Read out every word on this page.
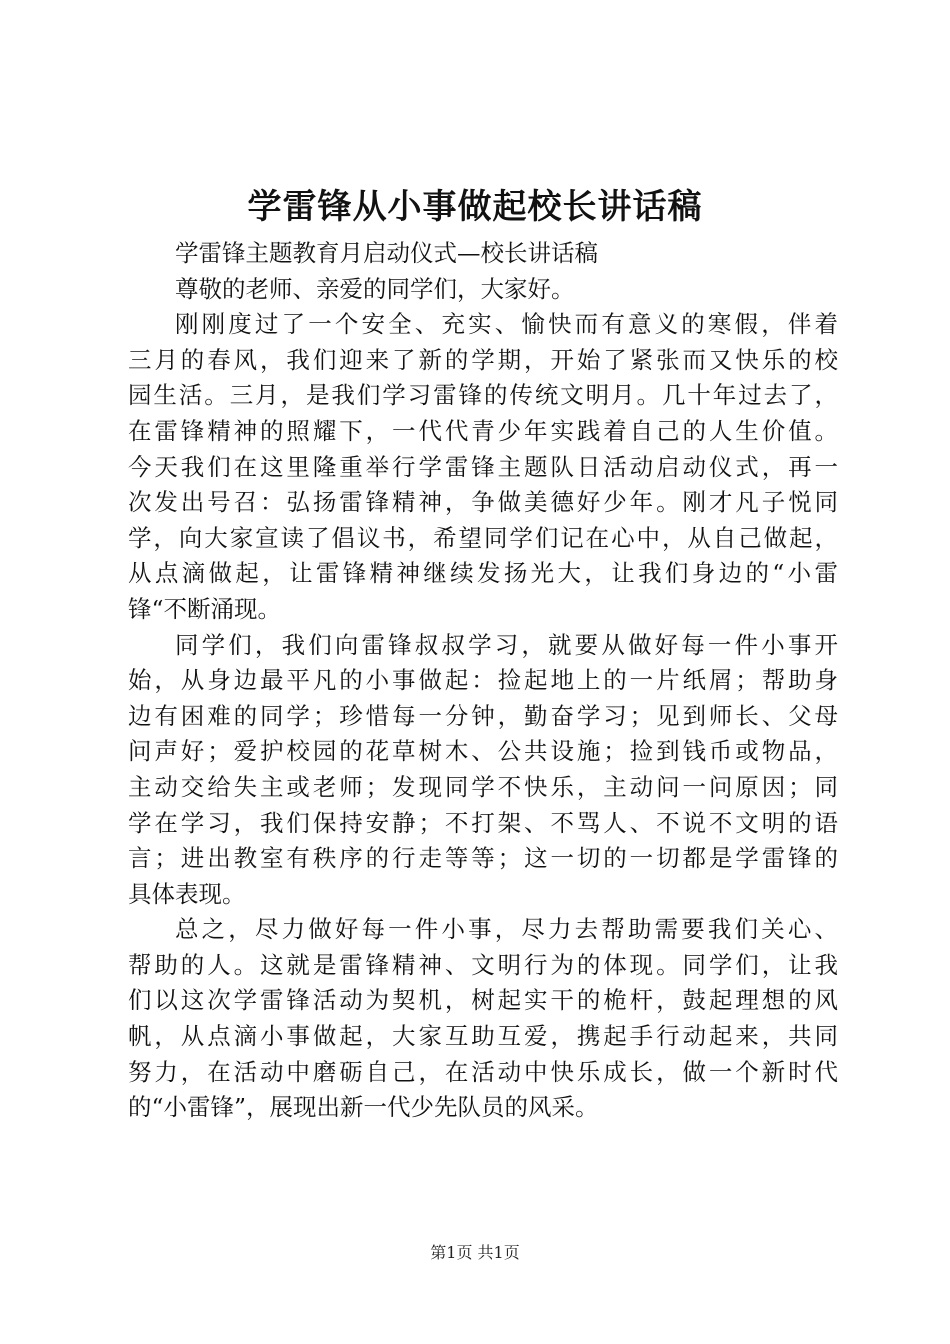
学雷锋从小事做起校长讲话稿
学雷锋主题教育月启动仪式—校长讲话稿
尊敬的老师、亲爱的同学们，大家好。
刚刚度过了一个安全、充实、愉快而有意义的寒假，伴着
三月的春风，我们迎来了新的学期，开始了紧张而又快乐的校
园生活。三月，是我们学习雷锋的传统文明月。几十年过去了，
在雷锋精神的照耀下，一代代青少年实践着自己的人生价值。
今天我们在这里隆重举行学雷锋主题队日活动启动仪式，再一
次发出号召：弘扬雷锋精神，争做美德好少年。刚才凡子悦同
学，向大家宣读了倡议书，希望同学们记在心中，从自己做起，
从点滴做起，让雷锋精神继续发扬光大，让我们身边的“小雷
锋“不断涌现。
同学们，我们向雷锋叔叔学习，就要从做好每一件小事开
始，从身边最平凡的小事做起：捡起地上的一片纸屑；帮助身
边有困难的同学；珍惜每一分钟，勤奋学习；见到师长、父母
问声好；爱护校园的花草树木、公共设施；捡到钱币或物品，
主动交给失主或老师；发现同学不快乐，主动问一问原因；同
学在学习，我们保持安静；不打架、不骂人、不说不文明的语
言；进出教室有秩序的行走等等；这一切的一切都是学雷锋的
具体表现。
总之，尽力做好每一件小事，尽力去帮助需要我们关心、
帮助的人。这就是雷锋精神、文明行为的体现。同学们，让我
们以这次学雷锋活动为契机，树起实干的桅杆，鼓起理想的风
帆，从点滴小事做起，大家互助互爱，携起手行动起来，共同
努力，在活动中磨砺自己，在活动中快乐成长，做一个新时代
的“小雷锋”，展现出新一代少先队员的风采。
第1页 共1页
